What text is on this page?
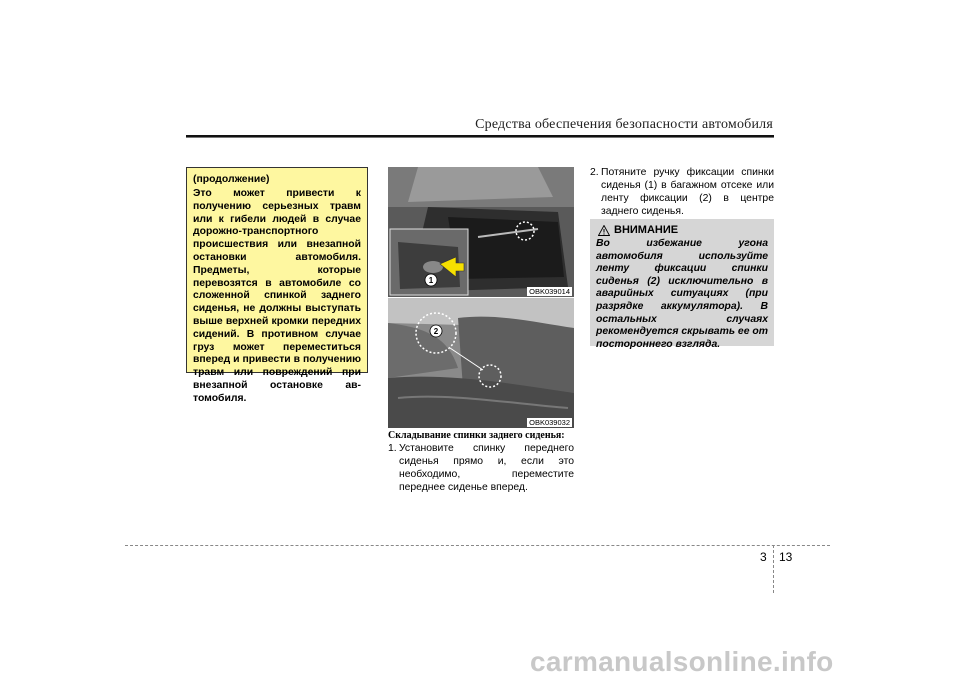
Средства обеспечения безопасности автомобиля
(продолжение)
Это может привести к получению серьезных травм или к гибели людей в случае дорожно-транспортного происшествия или внезапной остановки автомобиля. Предметы, которые перевозятся в автомобиле со сложенной спинкой заднего сиденья, не должны выступать выше верхней кромки передних сидений. В противном случае груз может переместиться вперед и привести в получению травм или повреждений при внезапной остановке ав-томобиля.
1
OBK039014
2
OBK039032
Складывание спинки заднего сиденья:
1. Установите спинку переднего сиденья прямо и, если это необходимо, переместите переднее сиденье вперед.
2. Потяните ручку фиксации спинки сиденья (1) в багажном отсеке или ленту фиксации (2) в центре заднего сиденья.
ВНИМАНИЕ
Во избежание угона автомобиля используйте ленту фиксации спинки сиденья (2) исключительно в аварийных ситуациях (при разрядке аккумулятора). В остальных случаях рекомендуется скрывать ее от постороннего взгляда.
3 13
carmanualsonline.info
